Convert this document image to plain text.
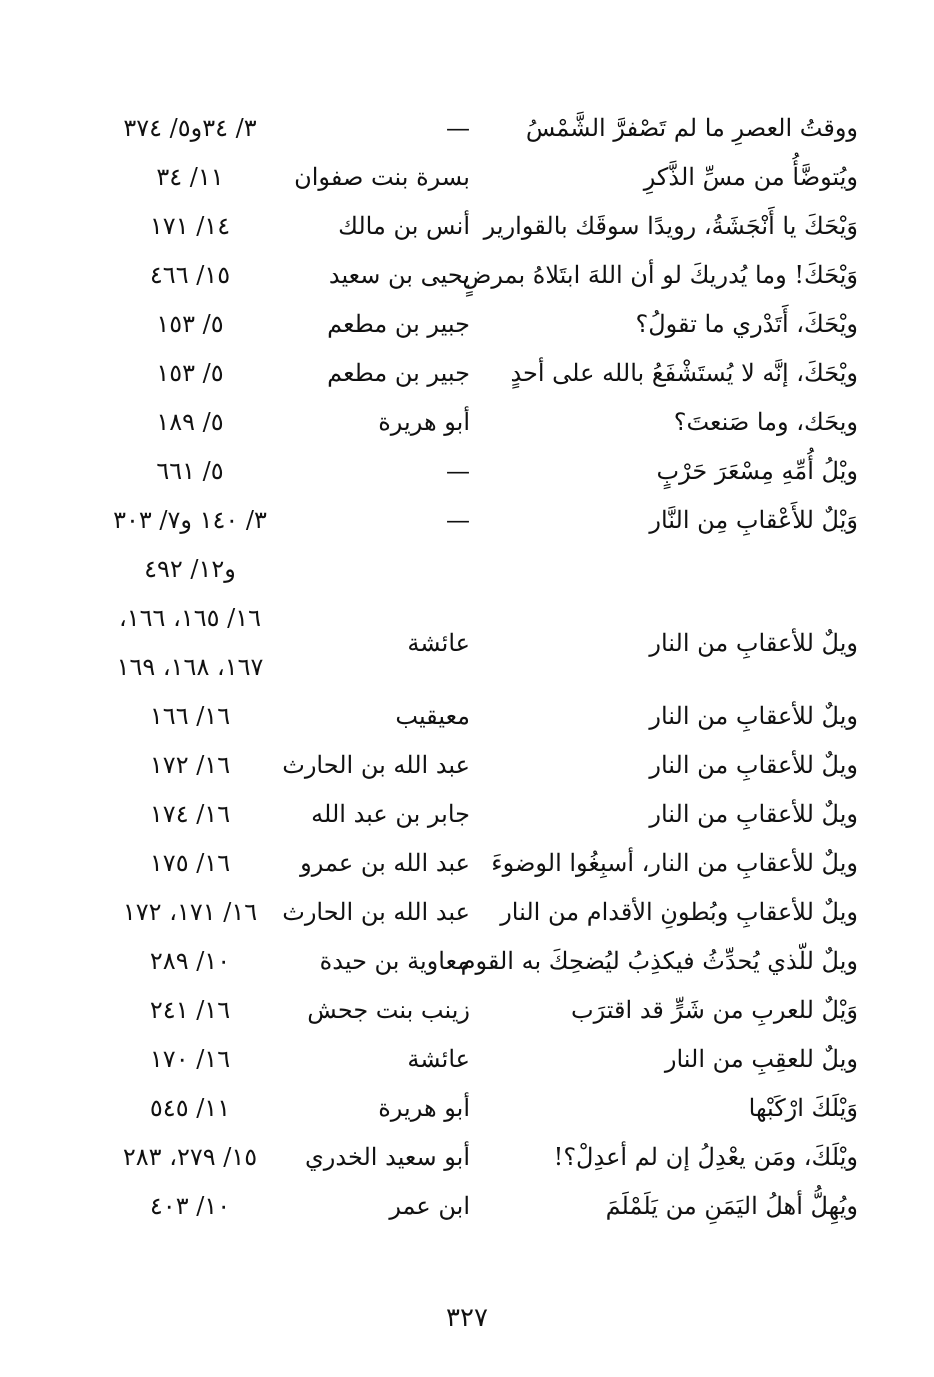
ووقتُ العصرِ ما لم تَصْفرَّ الشَّمْسُ
—
٣/ ٣٤و٥/ ٣٧٤
ويُتوضَّأُ من مسِّ الذَّكرِ
بسرة بنت صفوان
١١/ ٣٤
وَيْحَكَ يا أَنْجَشَةُ، رويدًا سوقَك بالقوارير
أنس بن مالك
١٤/ ١٧١
وَيْحَكَ! وما يُدريكَ لو أن اللهَ ابتَلاهُ بمرضٍ
يحيى بن سعيد
١٥/ ٤٦٦
ويْحَكَ، أَتَدْري ما تقولُ؟
جبير بن مطعم
٥/ ١٥٣
ويْحَكَ، إنَّه لا يُستَشْفَعُ بالله على أحدٍ
جبير بن مطعم
٥/ ١٥٣
ويحَك، وما صَنعتَ؟
أبو هريرة
٥/ ١٨٩
ويْلُ أُمِّهِ مِسْعَرَ حَرْبٍ
—
٥/ ٦٦١
وَيْلٌ للأَعْقابِ مِن النَّار
—
٣/ ١٤٠ و٧/ ٣٠٣
و١٢/ ٤٩٢
ويلٌ للأعقابِ من النار
عائشة
١٦/ ١٦٥، ١٦٦،
١٦٧، ١٦٨، ١٦٩
ويلٌ للأعقابِ من النار
معيقيب
١٦/ ١٦٦
ويلٌ للأعقابِ من النار
عبد الله بن الحارث
١٦/ ١٧٢
ويلٌ للأعقابِ من النار
جابر بن عبد الله
١٦/ ١٧٤
ويلٌ للأعقابِ من النار، أسبِغُوا الوضوءَ
عبد الله بن عمرو
١٦/ ١٧٥
ويلٌ للأعقابِ وبُطونِ الأقدام من النار
عبد الله بن الحارث
١٦/ ١٧١، ١٧٢
ويلٌ للّذي يُحدِّثُ فيكذِبُ ليُضحِكَ به القوم
معاوية بن حيدة
١٠/ ٢٨٩
وَيْلٌ للعربِ من شَرٍّ قد اقترَب
زينب بنت جحش
١٦/ ٢٤١
ويلٌ للعقِبِ من النار
عائشة
١٦/ ١٧٠
وَيْلَكَ ارْكَبْها
أبو هريرة
١١/ ٥٤٥
ويْلَكَ، ومَن يعْدِلُ إن لم أعدِلْ؟!
أبو سعيد الخدري
١٥/ ٢٧٩، ٢٨٣
ويُهِلُّ أهلُ اليَمَنِ من يَلَمْلَمَ
ابن عمر
١٠/ ٤٠٣
٣٢٧
